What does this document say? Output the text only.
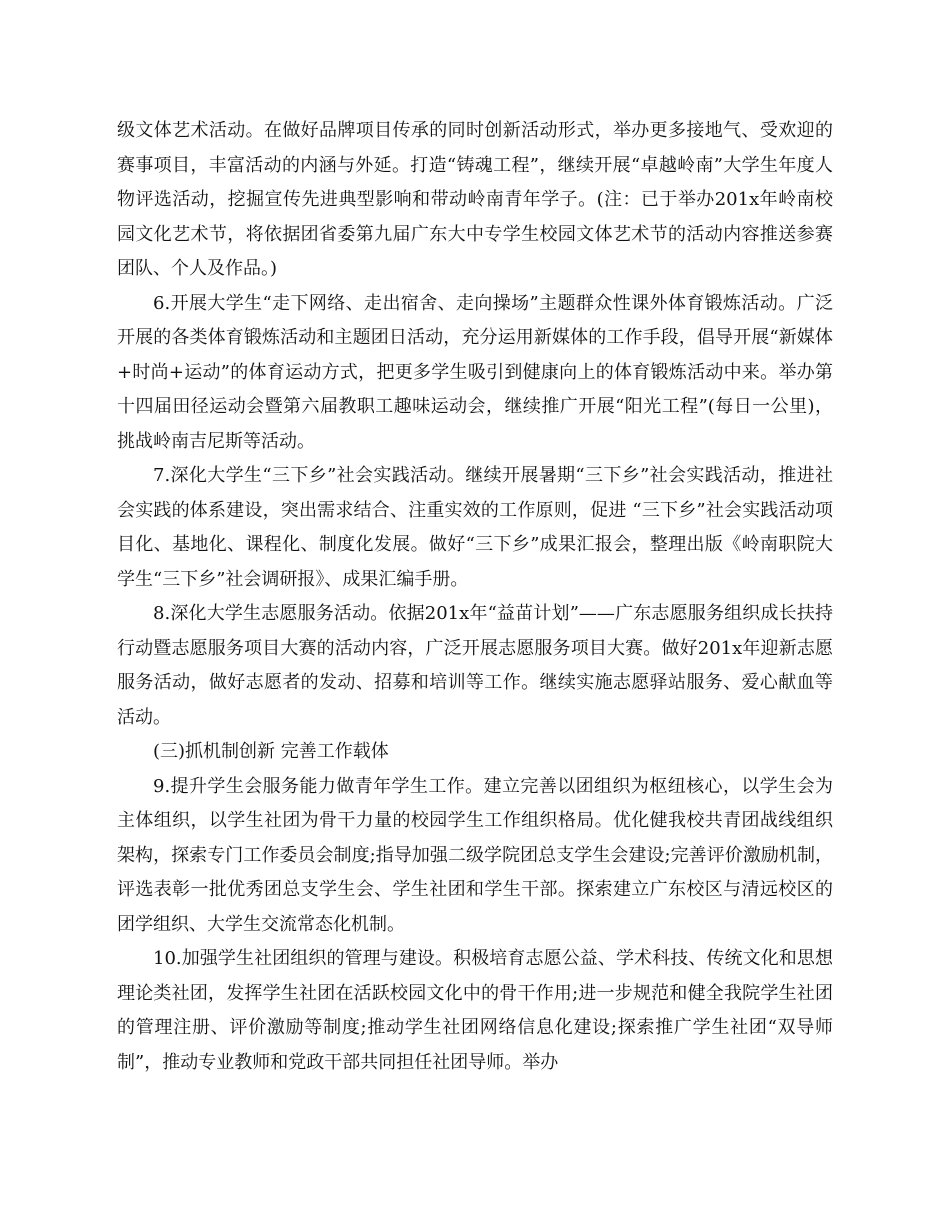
级文体艺术活动。在做好品牌项目传承的同时创新活动形式，举办更多接地气、受欢迎的赛事项目，丰富活动的内涵与外延。打造“铸魂工程”，继续开展“卓越岭南”大学生年度人物评选活动，挖掘宣传先进典型影响和带动岭南青年学子。(注：已于举办201x年岭南校园文化艺术节，将依据团省委第九届广东大中专学生校园文体艺术节的活动内容推送参赛团队、个人及作品。)

6.开展大学生“走下网络、走出宿舍、走向操场”主题群众性课外体育锻炼活动。广泛开展的各类体育锻炼活动和主题团日活动，充分运用新媒体的工作手段，倡导开展“新媒体+时尚+运动”的体育运动方式，把更多学生吸引到健康向上的体育锻炼活动中来。举办第十四届田径运动会暨第六届教职工趣味运动会，继续推广开展“阳光工程”(每日一公里)，挑战岭南吉尼斯等活动。

7.深化大学生“三下乡”社会实践活动。继续开展暑期“三下乡”社会实践活动，推进社会实践的体系建设，突出需求结合、注重实效的工作原则，促进 “三下乡”社会实践活动项目化、基地化、课程化、制度化发展。做好“三下乡”成果汇报会，整理出版《岭南职院大学生“三下乡”社会调研报》、成果汇编手册。

8.深化大学生志愿服务活动。依据201x年“益苗计划”——广东志愿服务组织成长扶持行动暨志愿服务项目大赛的活动内容，广泛开展志愿服务项目大赛。做好201x年迎新志愿服务活动，做好志愿者的发动、招募和培训等工作。继续实施志愿驿站服务、爱心献血等活动。

(三)抓机制创新 完善工作载体

9.提升学生会服务能力做青年学生工作。建立完善以团组织为枢纽核心，以学生会为主体组织，以学生社团为骨干力量的校园学生工作组织格局。优化健我校共青团战线组织架构，探索专门工作委员会制度;指导加强二级学院团总支学生会建设;完善评价激励机制，评选表彰一批优秀团总支学生会、学生社团和学生干部。探索建立广东校区与清远校区的团学组织、大学生交流常态化机制。

10.加强学生社团组织的管理与建设。积极培育志愿公益、学术科技、传统文化和思想理论类社团，发挥学生社团在活跃校园文化中的骨干作用;进一步规范和健全我院学生社团的管理注册、评价激励等制度;推动学生社团网络信息化建设;探索推广学生社团“双导师制”，推动专业教师和党政干部共同担任社团导师。举办
